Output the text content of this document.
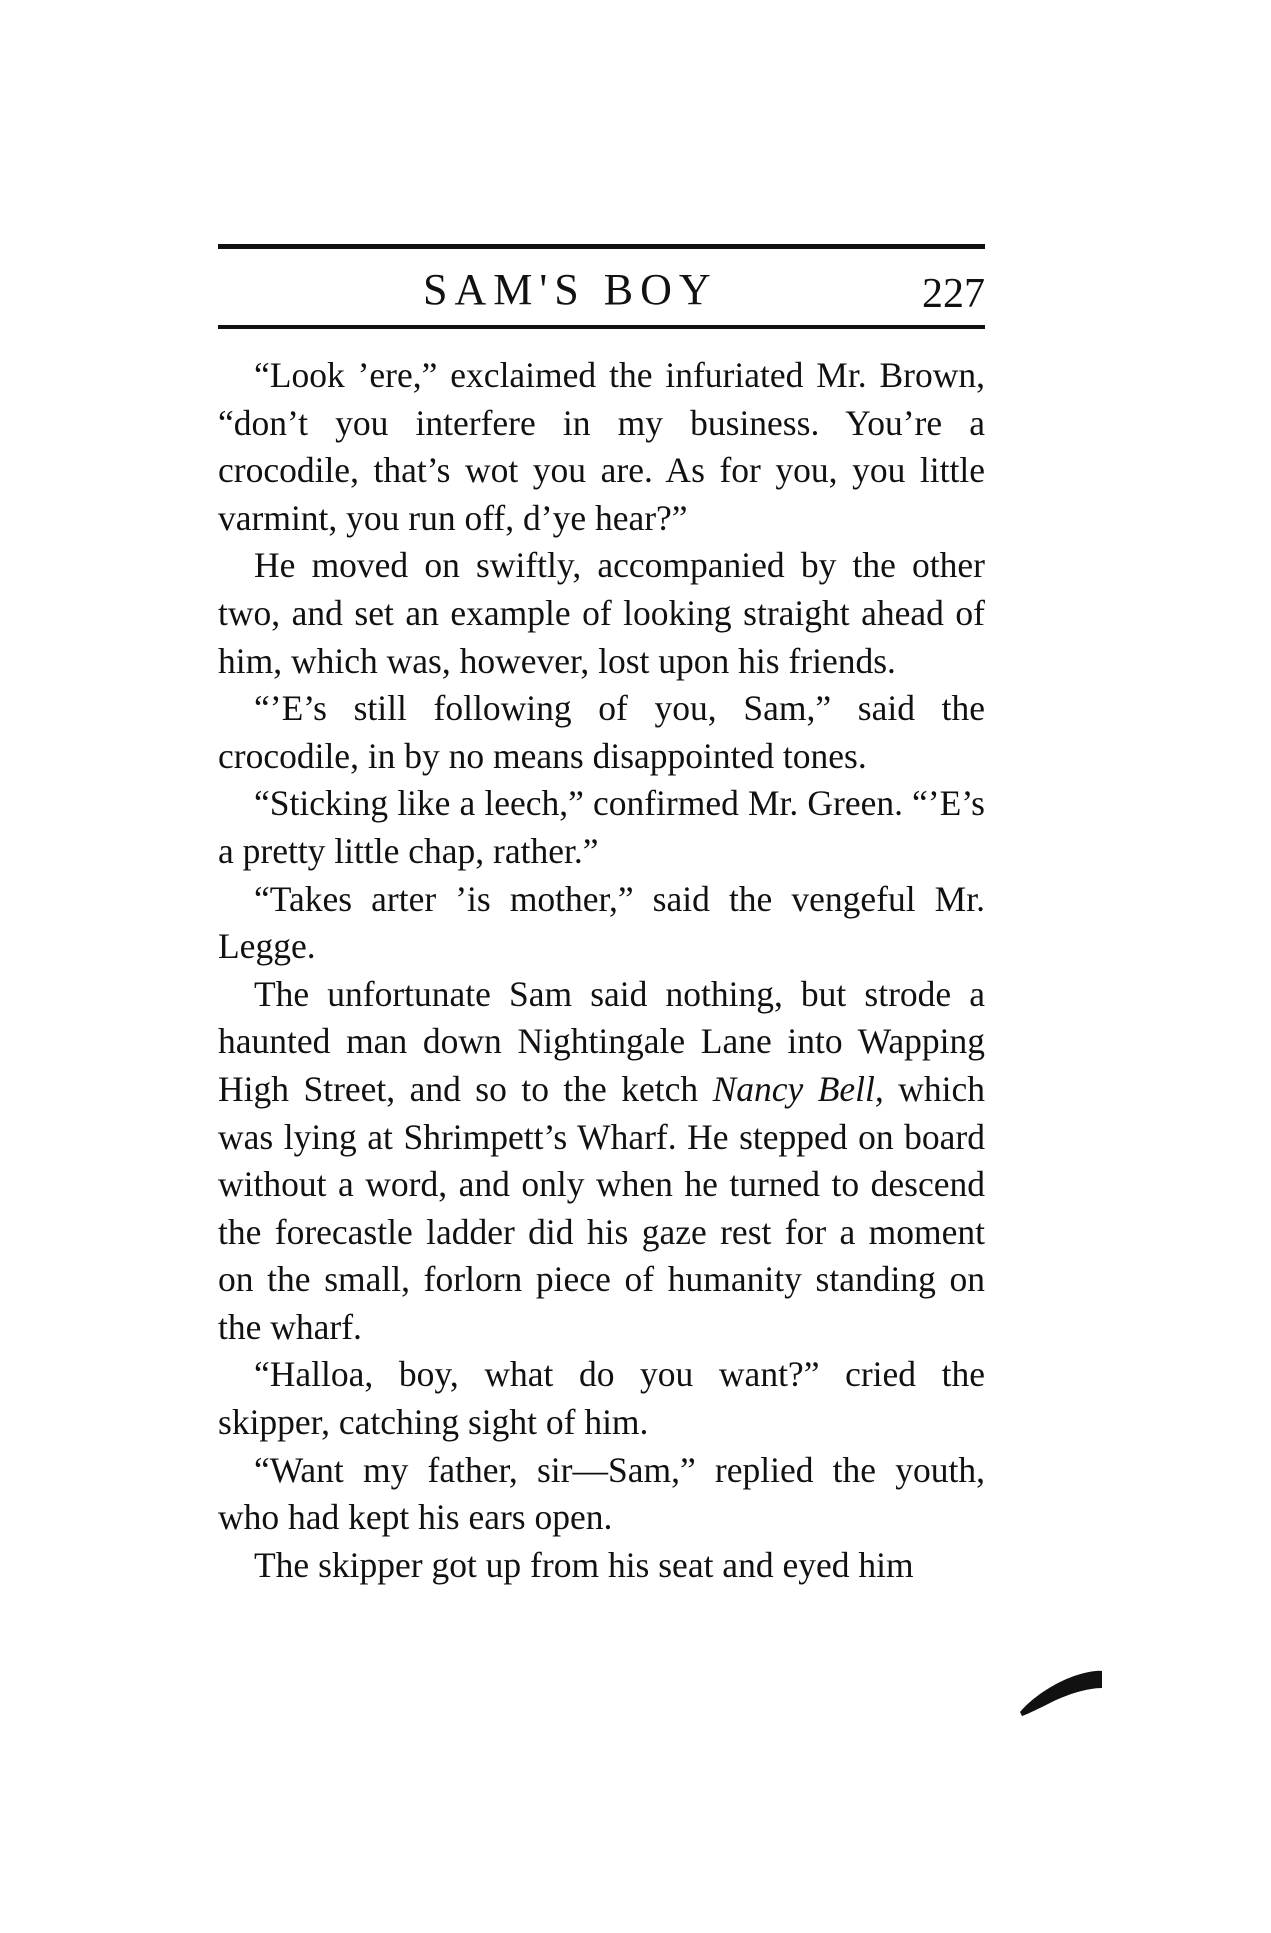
SAM'S BOY	227

“Look ’ere,” exclaimed the infuriated Mr. Brown, “don’t you interfere in my business. You’re a crocodile, that’s wot you are. As for you, you little varmint, you run off, d’ye hear?”

He moved on swiftly, accompanied by the other two, and set an example of looking straight ahead of him, which was, however, lost upon his friends.

“’E’s still following of you, Sam,” said the crocodile, in by no means disappointed tones.

“Sticking like a leech,” confirmed Mr. Green. “’E’s a pretty little chap, rather.”

“Takes arter ’is mother,” said the vengeful Mr. Legge.

The unfortunate Sam said nothing, but strode a haunted man down Nightingale Lane into Wapping High Street, and so to the ketch Nancy Bell, which was lying at Shrimpett’s Wharf. He stepped on board without a word, and only when he turned to descend the forecastle ladder did his gaze rest for a moment on the small, forlorn piece of humanity standing on the wharf.

“Halloa, boy, what do you want?” cried the skipper, catching sight of him.

“Want my father, sir—Sam,” replied the youth, who had kept his ears open.

The skipper got up from his seat and eyed him
